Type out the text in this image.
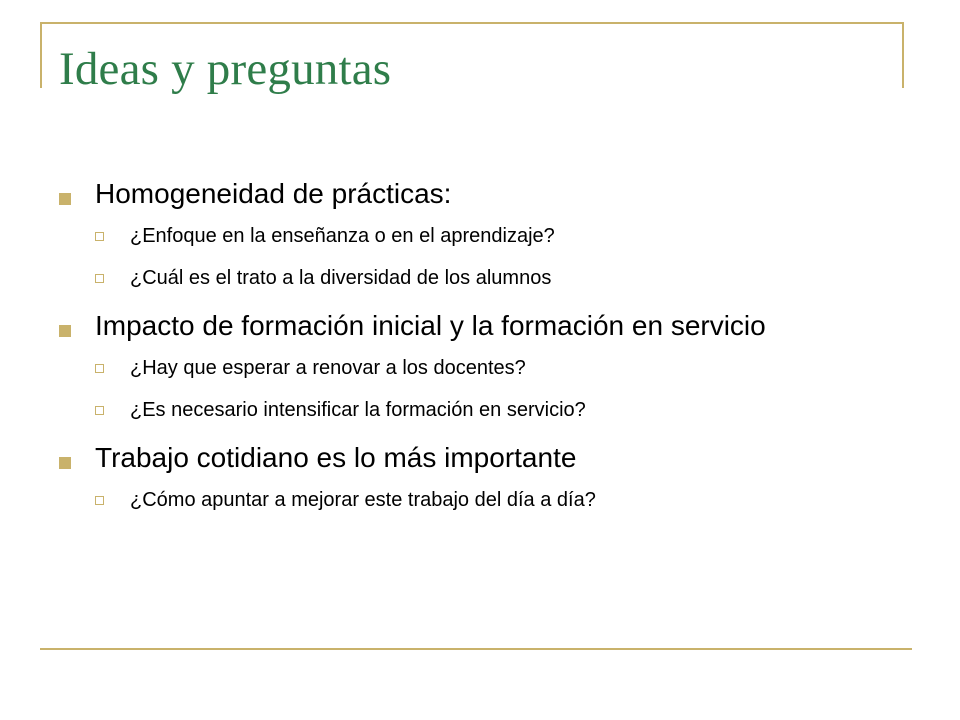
Ideas y preguntas
Homogeneidad de prácticas:
¿Enfoque en la enseñanza o en el aprendizaje?
¿Cuál es el trato a la diversidad de los alumnos
Impacto de formación inicial y la formación en servicio
¿Hay que esperar a renovar a los docentes?
¿Es necesario intensificar la formación en servicio?
Trabajo cotidiano es lo más importante
¿Cómo apuntar a mejorar este trabajo del día a día?
